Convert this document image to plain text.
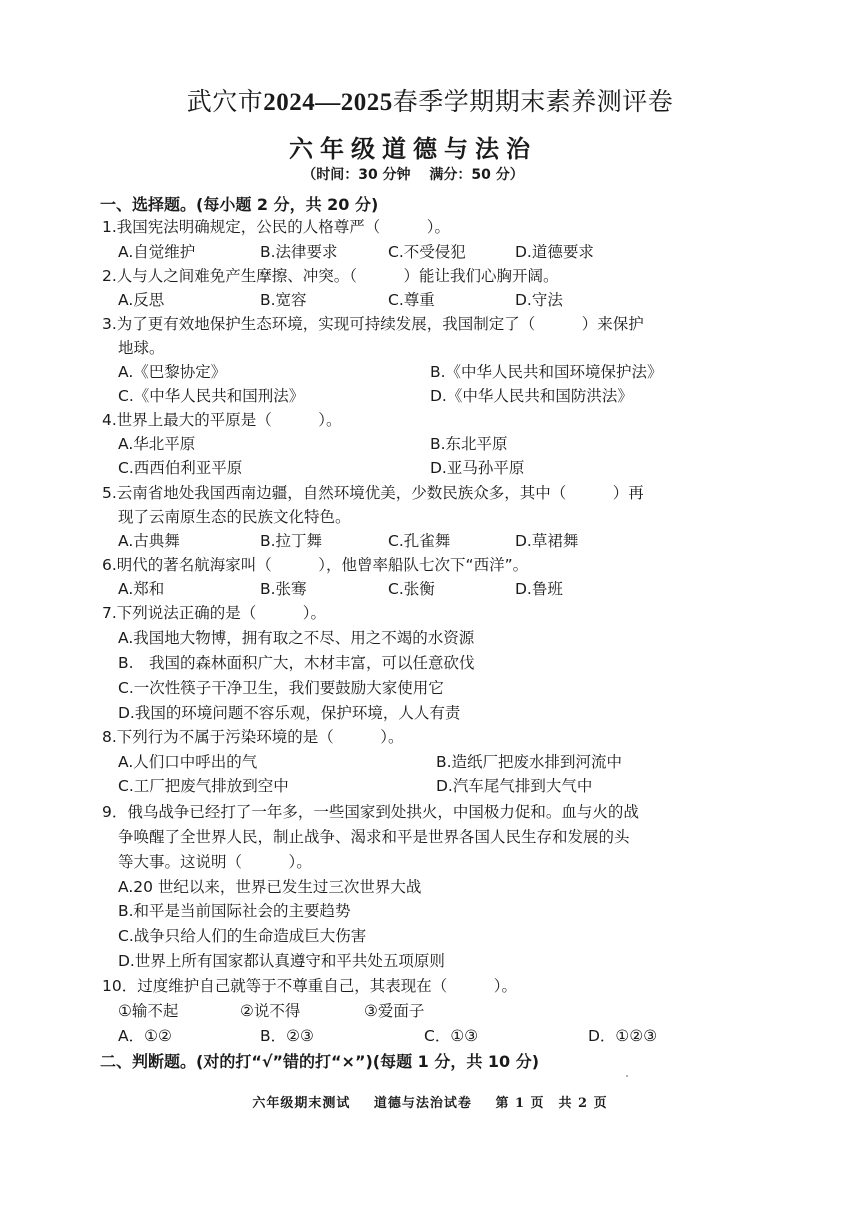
武穴市2024—2025春季学期期末素养测评卷
六年级道德与法治
（时间：30 分钟　 满分：50 分）
一、选择题。(每小题 2 分，共 20 分)
1.我国宪法明确规定，公民的人格尊严（　　　）。
A.自觉维护	B.法律要求	C.不受侵犯	D.道德要求
2.人与人之间难免产生摩擦、冲突。（　　　）能让我们心胸开阔。
A.反思	B.宽容	C.尊重	D.守法
3.为了更有效地保护生态环境，实现可持续发展，我国制定了（　　　）来保护
地球。
A.《巴黎协定》	B.《中华人民共和国环境保护法》
C.《中华人民共和国刑法》	D.《中华人民共和国防洪法》
4.世界上最大的平原是（　　　）。
A.华北平原	B.东北平原
C.西西伯利亚平原	D.亚马孙平原
5.云南省地处我国西南边疆，自然环境优美，少数民族众多，其中（　　　）再
现了云南原生态的民族文化特色。
A.古典舞	B.拉丁舞	C.孔雀舞	D.草裙舞
6.明代的著名航海家叫（　　　），他曾率船队七次下“西洋”。
A.郑和	B.张骞	C.张衡	D.鲁班
7.下列说法正确的是（　　　）。
A.我国地大物博，拥有取之不尽、用之不竭的水资源
B.　我国的森林面积广大，木材丰富，可以任意砍伐
C.一次性筷子干净卫生，我们要鼓励大家使用它
D.我国的环境问题不容乐观，保护环境，人人有责
8.下列行为不属于污染环境的是（　　　）。
A.人们口中呼出的气	B.造纸厂把废水排到河流中
C.工厂把废气排放到空中	D.汽车尾气排到大气中
9．俄乌战争已经打了一年多，一些国家到处拱火，中国极力促和。血与火的战
争唤醒了全世界人民，制止战争、渴求和平是世界各国人民生存和发展的头
等大事。这说明（　　　）。
A.20 世纪以来，世界已发生过三次世界大战
B.和平是当前国际社会的主要趋势
C.战争只给人们的生命造成巨大伤害
D.世界上所有国家都认真遵守和平共处五项原则
10．过度维护自己就等于不尊重自己，其表现在（　　　）。
①输不起	②说不得	③爱面子
A．①②	B．②③	C．①③	D．①②③
二、判断题。(对的打“√”错的打“×”)(每题 1 分，共 10 分)
六年级期末测试 道德与法治试卷 第 1 页　共 2 页
